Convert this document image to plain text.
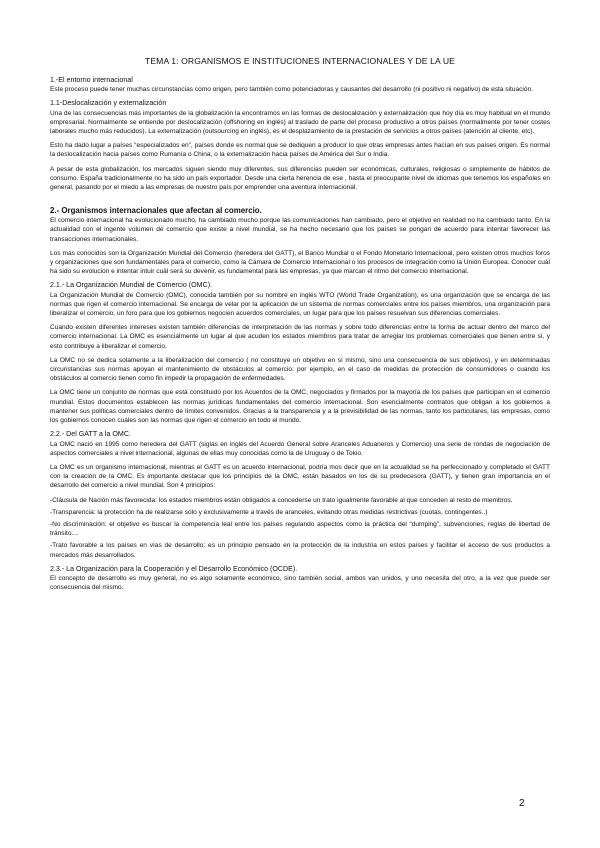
TEMA 1: ORGANISMOS E INSTITUCIONES INTERNACIONALES Y DE LA UE
1.-El entorno internacional

Este proceso puede tener muchas circunstancias como origen, pero también como potenciadoras y causantes del desarrollo (ni positivo ni negativo) de esta situación.

1.1-Deslocalización y externalización

Una de las consecuencias más importantes de la globalización la encontramos en las formas de deslocalización y externalización que hoy día es muy habitual en el mundo empresarial. Normalmente se entiende por deslocalización (offshoring en inglés) al traslado de parte del proceso productivo a otros países (normalmente por tener costes laborales mucho más reducidos). La externalización (outsourcing en inglés), es el desplazamiento de la prestación de servicios a otros países (atención al cliente, etc).

Esto ha dado lugar a países “especializados en”, países donde es normal que se dediquen a producir lo que otras empresas antes hacían en sus países origen. Es normal la deslocalización hacia países como Rumanía o China, o la externalización hacia países de América del Sur o India.

A pesar de esta globalización, los mercados siguen siendo muy diferentes, sus diferencias pueden ser económicas, culturales, religiosas o simplemente de hábitos de consumo. España tradicionalmente no ha sido un país exportador. Desde una cierta herencia de ese , hasta el preocupante nivel de idiomas que tenemos los españoles en general, pasando por el miedo a las empresas de nuestro país por emprender una aventura internacional.

2.- Organismos internacionales que afectan al comercio.

El comercio internacional ha evolucionado mucho, ha cambiado mucho porque las comunicaciones han cambiado, pero el objetivo en realidad no ha cambiado tanto. En la actualidad con el ingente volumen de comercio que existe a nivel mundial, se ha hecho necesario que los países se pongan de acuerdo para intentar favorecer las transacciones internacionales.

Los más conocidos son la Organización Mundial del Comercio (heredera del GATT), el Banco Mundial o el Fondo Monetario Internacional, pero existen otros muchos foros y organizaciones que son fundamentales para el comercio, como la Cámara de Comercio Internacional o los procesos de integración como la Unión Europea. Conocer cuál ha sido su evolución e intentar intuir cuál será su devenir, es fundamental para las empresas, ya que marcan el ritmo del comercio internacional.

2.1.- La Organización Mundial de Comercio (OMC).

La Organización Mundial de Comercio (OMC), conocida también por su nombre en inglés WTO (World Trade Organization), es una organización que se encarga de las normas que rigen el comercio internacional. Se encarga de velar por la aplicación de un sistema de normas comerciales entre los países miembros, una organización para liberalizar el comercio, un foro para que los gobiernos negocien acuerdos comerciales, un lugar para que los países resuelvan sus diferencias comerciales.

Cuando existen diferentes intereses existen también diferencias de interpretación de las normas y sobre todo diferencias entre la forma de actuar dentro del marco del comercio internacional. La OMC es esencialmente un lugar al que acuden los estados miembros para tratar de arreglar los problemas comerciales que tienen entre sí, y esto contribuye a liberalizar el comercio.

La OMC no se dedica solamente a la liberalización del comercio ( no constituye un objetivo en sí mismo, sino una consecuencia de sus objetivos), y en determinadas circunstancias sus normas apoyan el mantenimiento de obstáculos al comercio: por ejemplo, en el caso de medidas de protección de consumidores o cuando los obstáculos al comercio tienen como fin impedir la propagación de enfermedades.

La OMC tiene un conjunto de normas que está constituido por los Acuerdos de la OMC, negociados y firmados por la mayoría de los países que participan en el comercio mundial. Estos documentos establecen las normas jurídicas fundamentales del comercio internacional. Son esencialmente contratos que obligan a los gobiernos a mantener sus políticas comerciales dentro de límites convenidos. Gracias a la transparencia y a la previsibilidad de las normas, tanto los particulares, las empresas, como los gobiernos conocen cuáles son las normas que rigen el comercio en todo el mundo.

2.2.- Del GATT a la OMC.

La OMC nació en 1995 como heredera del GATT (siglas en inglés del Acuerdo General sobre Aranceles Aduaneros y Comercio) una serie de rondas de negociación de aspectos comerciales a nivel internacional, algunas de ellas muy conocidas como la de Uruguay o de Tokio.

La OMC es un organismo internacional, mientras el GATT es un acuerdo internacional, podría mos decir que en la actualidad se ha perfeccionado y completado el GATT con la creación de la OMC. Es importante destacar que los principios de la OMC, están basados en los de su predecesora (GATT), y tienen gran importancia en el desarrollo del comercio a nivel mundial. Son 4 principios:

-Cláusula de Nación más favorecida: los estados miembros están obligados a concederse un trato igualmente favorable al que conceden al resto de miembros.

-Transparencia: la protección ha de realizarse sólo y exclusivamente a través de aranceles, evitando otras medidas restrictivas (cuotas, contingentes..)

-No discriminación: el objetivo es buscar la competencia leal entre los países regulando aspectos como la práctica del “dumping”, subvenciones, reglas de libertad de tránsito....

-Trato favorable a los países en vías de desarrollo: es un principio pensado en la protección de la industria en estos países y facilitar el acceso de sus productos a mercados más desarrollados.

2.3.- La Organización para la Cooperación y el Desarrollo Económico (OCDE).

El concepto de desarrollo es muy general, no es algo solamente económico, sino también social, ambos van unidos, y uno necesita del otro, a la vez que puede ser consecuencia del mismo.

2
